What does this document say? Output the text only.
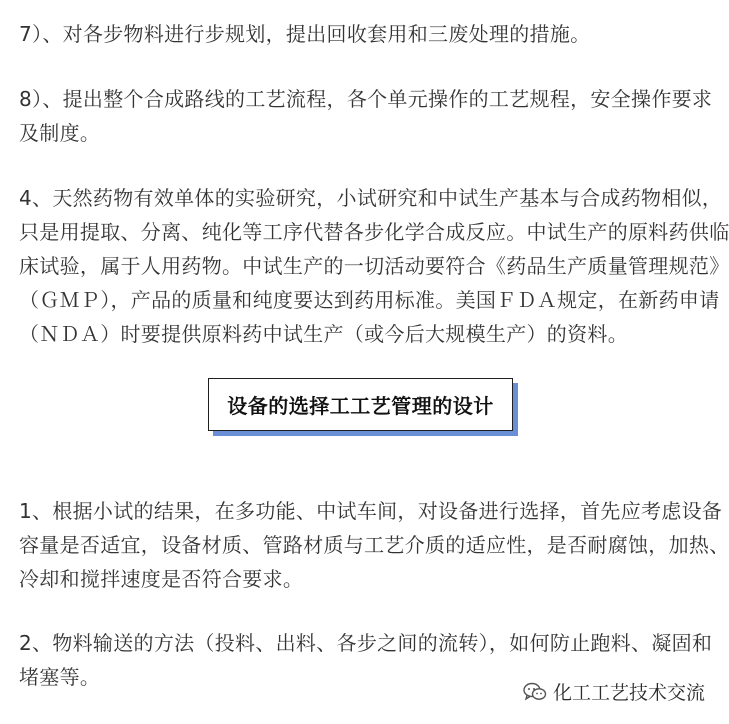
7）、对各步物料进行步规划，提出回收套用和三废处理的措施。

8）、提出整个合成路线的工艺流程，各个单元操作的工艺规程，安全操作要求
及制度。

4、天然药物有效单体的实验研究，小试研究和中试生产基本与合成药物相似，
只是用提取、分离、纯化等工序代替各步化学合成反应。中试生产的原料药供临
床试验，属于人用药物。中试生产的一切活动要符合《药品生产质量管理规范》
（ＧＭＰ），产品的质量和纯度要达到药用标准。美国ＦＤＡ规定，在新药申请
（ＮＤＡ）时要提供原料药中试生产（或今后大规模生产）的资料。

设备的选择工工艺管理的设计

1、根据小试的结果，在多功能、中试车间，对设备进行选择，首先应考虑设备
容量是否适宜，设备材质、管路材质与工艺介质的适应性，是否耐腐蚀，加热、
冷却和搅拌速度是否符合要求。

2、物料输送的方法（投料、出料、各步之间的流转），如何防止跑料、凝固和
堵塞等。

化工工艺技术交流
